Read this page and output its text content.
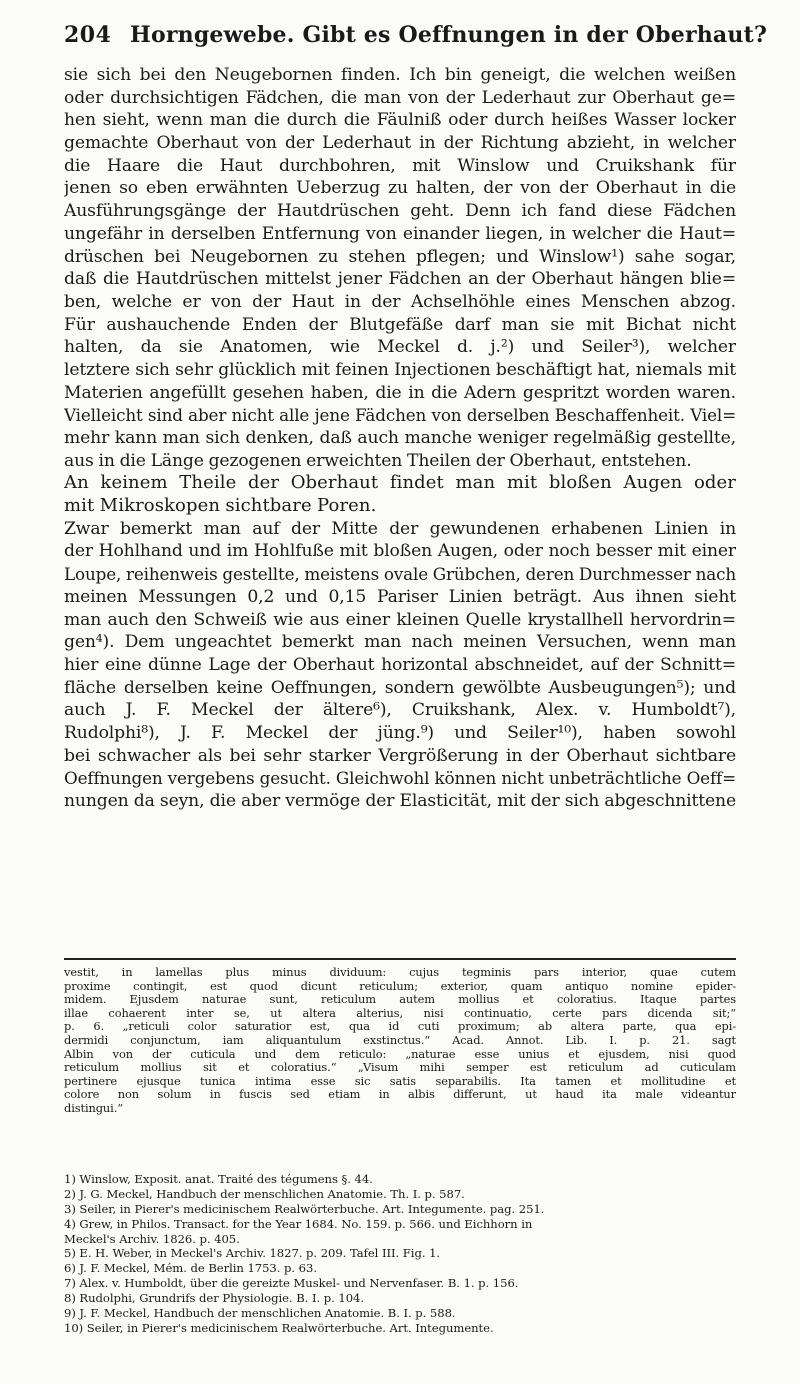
204 Horngewebe. Gibt es Oeffnungen in der Oberhaut?
sie sich bei den Neugebornen finden. Ich bin geneigt, die welchen weißen
oder durchsichtigen Fädchen, die man von der Lederhaut zur Oberhaut ge=
hen sieht, wenn man die durch die Fäulniß oder durch heißes Wasser locker
gemachte Oberhaut von der Lederhaut in der Richtung abzieht, in welcher
die Haare die Haut durchbohren, mit Winslow und Cruikshank für
jenen so eben erwähnten Ueberzug zu halten, der von der Oberhaut in die
Ausführungsgänge der Hautdrüschen geht. Denn ich fand diese Fädchen
ungefähr in derselben Entfernung von einander liegen, in welcher die Haut=
drüschen bei Neugebornen zu stehen pflegen; und Winslow¹) sahe sogar,
daß die Hautdrüschen mittelst jener Fädchen an der Oberhaut hängen blie=
ben, welche er von der Haut in der Achselhöhle eines Menschen abzog.
Für aushauchende Enden der Blutgefäße darf man sie mit Bichat nicht
halten, da sie Anatomen, wie Meckel d. j.²) und Seiler³), welcher
letztere sich sehr glücklich mit feinen Injectionen beschäftigt hat, niemals mit
Materien angefüllt gesehen haben, die in die Adern gespritzt worden waren.
Vielleicht sind aber nicht alle jene Fädchen von derselben Beschaffenheit. Viel=
mehr kann man sich denken, daß auch manche weniger regelmäßig gestellte,
aus in die Länge gezogenen erweichten Theilen der Oberhaut, entstehen.
An keinem Theile der Oberhaut findet man mit bloßen Augen oder
mit Mikroskopen sichtbare Poren.
Zwar bemerkt man auf der Mitte der gewundenen erhabenen Linien in
der Hohlhand und im Hohlfuße mit bloßen Augen, oder noch besser mit einer
Loupe, reihenweis gestellte, meistens ovale Grübchen, deren Durchmesser nach
meinen Messungen 0,2 und 0,15 Pariser Linien beträgt. Aus ihnen sieht
man auch den Schweiß wie aus einer kleinen Quelle krystallhell hervordrin=
gen⁴). Dem ungeachtet bemerkt man nach meinen Versuchen, wenn man
hier eine dünne Lage der Oberhaut horizontal abschneidet, auf der Schnitt=
fläche derselben keine Oeffnungen, sondern gewölbte Ausbeugungen⁵); und
auch J. F. Meckel der ältere⁶), Cruikshank, Alex. v. Humboldt⁷),
Rudolphi⁸), J. F. Meckel der jüng.⁹) und Seiler¹⁰), haben sowohl
bei schwacher als bei sehr starker Vergrößerung in der Oberhaut sichtbare
Oeffnungen vergebens gesucht. Gleichwohl können nicht unbeträchtliche Oeff=
nungen da seyn, die aber vermöge der Elasticität, mit der sich abgeschnittene
vestit, in lamellas plus minus dividuum: cujus tegminis pars interior, quae cutem
proxime contingit, est quod dicunt reticulum; exterior, quam antiquo nomine epider-
midem. Ejusdem naturae sunt, reticulum autem mollius et coloratius. Itaque partes
illae cohaerent inter se, ut altera alterius, nisi continuatio, certe pars dicenda sit;“
p. 6. „reticuli color saturatior est, qua id cuti proximum; ab altera parte, qua epi-
dermidi conjunctum, iam aliquantulum exstinctus.“ Acad. Annot. Lib. I. p. 21. sagt
Albin von der cuticula und dem reticulo: „naturae esse unius et ejusdem, nisi quod
reticulum mollius sit et coloratius.“ „Visum mihi semper est reticulum ad cuticulam
pertinere ejusque tunica intima esse sic satis separabilis. Ita tamen et mollitudine et
colore non solum in fuscis sed etiam in albis differunt, ut haud ita male videantur
distingui.“
1) Winslow, Exposit. anat. Traité des tégumens §. 44.
2) J. G. Meckel, Handbuch der menschlichen Anatomie. Th. I. p. 587.
3) Seiler, in Pierer's medicinischem Realwörterbuche. Art. Integumente. pag. 251.
4) Grew, in Philos. Transact. for the Year 1684. No. 159. p. 566. und Eichhorn in
Meckel's Archiv. 1826. p. 405.
5) E. H. Weber, in Meckel's Archiv. 1827. p. 209. Tafel III. Fig. 1.
6) J. F. Meckel, Mém. de Berlin 1753. p. 63.
7) Alex. v. Humboldt, über die gereizte Muskel- und Nervenfaser. B. 1. p. 156.
8) Rudolphi, Grundrifs der Physiologie. B. I. p. 104.
9) J. F. Meckel, Handbuch der menschlichen Anatomie. B. I. p. 588.
10) Seiler, in Pierer's medicinischem Realwörterbuche. Art. Integumente.
